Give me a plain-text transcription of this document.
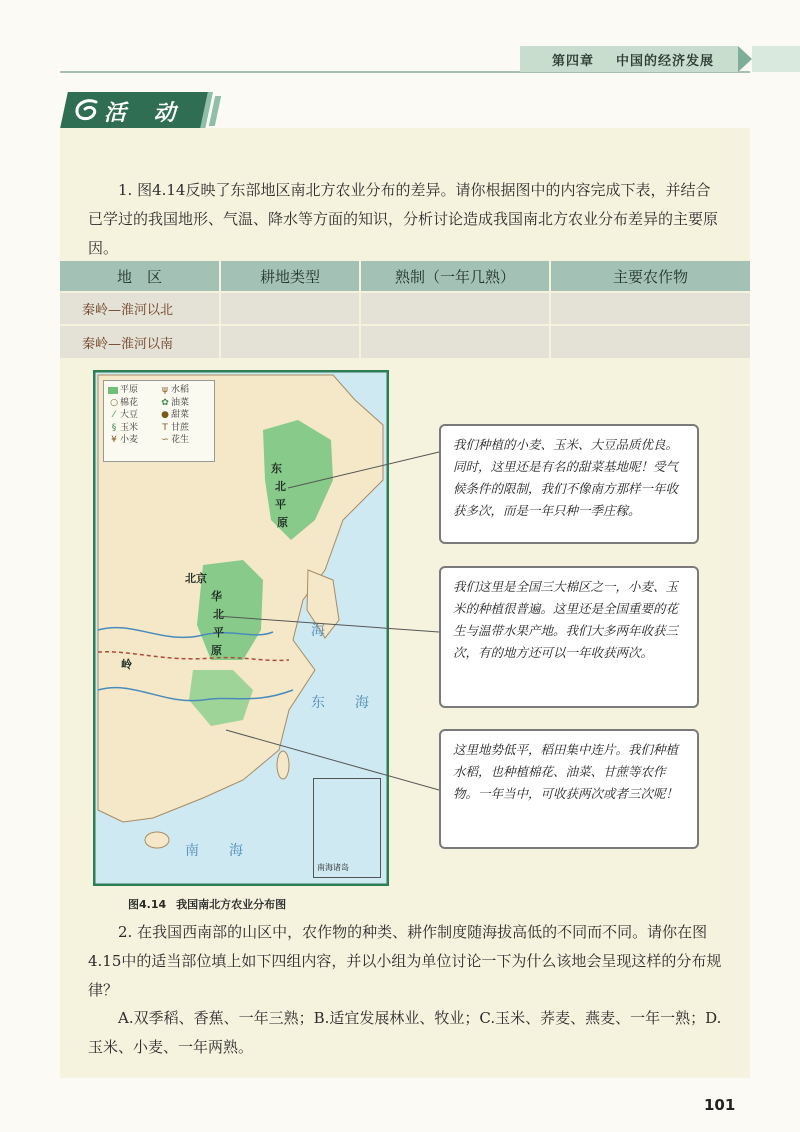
第四章 中国的经济发展
活 动

1. 图4.14反映了东部地区南北方农业分布的差异。请你根据图中的内容完成下表，并结合已学过的我国地形、气温、降水等方面的知识，分析讨论造成我国南北方农业分布差异的主要原因。

地　区	耕地类型	熟制（一年几熟）	主要农作物
秦岭—淮河以北			
秦岭—淮河以南			
平原	ψ 水稻
○ 棉花	✿ 油菜
⁄ 大豆	● 甜菜
§ 玉米	T 甘蔗
¥ 小麦	∽ 花生
东
北
平
原
北京
华
北
平
原
岭
海
东　海
南　海
南海诸岛
我们种植的小麦、玉米、大豆品质优良。同时，这里还是有名的甜菜基地呢！受气候条件的限制，我们不像南方那样一年收获多次，而是一年只种一季庄稼。
我们这里是全国三大棉区之一，小麦、玉米的种植很普遍。这里还是全国重要的花生与温带水果产地。我们大多两年收获三次，有的地方还可以一年收获两次。
这里地势低平，稻田集中连片。我们种植水稻，也种植棉花、油菜、甘蔗等农作物。一年当中，可收获两次或者三次呢！
图4.14 我国南北方农业分布图

2. 在我国西南部的山区中，农作物的种类、耕作制度随海拔高低的不同而不同。请你在图4.15中的适当部位填上如下四组内容，并以小组为单位讨论一下为什么该地会呈现这样的分布规律？

A.双季稻、香蕉、一年三熟；B.适宜发展林业、牧业；C.玉米、荞麦、燕麦、一年一熟；D.玉米、小麦、一年两熟。

101
